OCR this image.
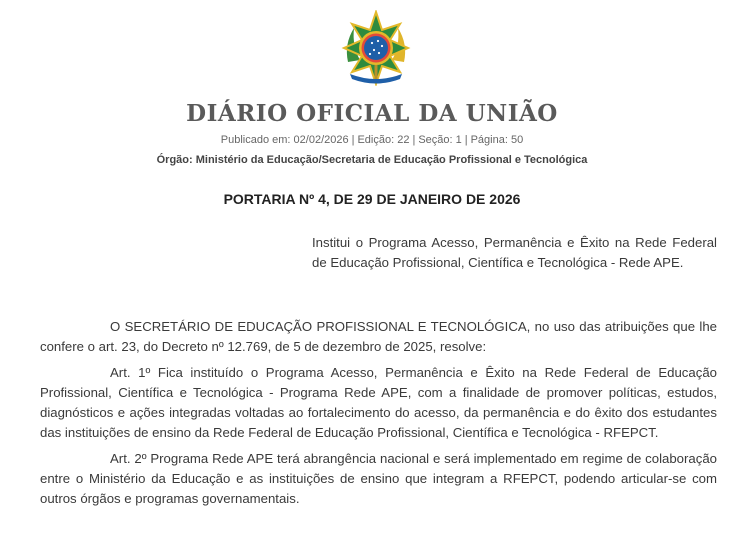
DIÁRIO OFICIAL DA UNIÃO
Publicado em: 02/02/2026 | Edição: 22 | Seção: 1 | Página: 50
Órgão: Ministério da Educação/Secretaria de Educação Profissional e Tecnológica
PORTARIA Nº 4, DE 29 DE JANEIRO DE 2026
Institui o Programa Acesso, Permanência e Êxito na Rede Federal de Educação Profissional, Científica e Tecnológica - Rede APE.

O SECRETÁRIO DE EDUCAÇÃO PROFISSIONAL E TECNOLÓGICA, no uso das atribuições que lhe confere o art. 23, do Decreto nº 12.769, de 5 de dezembro de 2025, resolve:

Art. 1º Fica instituído o Programa Acesso, Permanência e Êxito na Rede Federal de Educação Profissional, Científica e Tecnológica - Programa Rede APE, com a finalidade de promover políticas, estudos, diagnósticos e ações integradas voltadas ao fortalecimento do acesso, da permanência e do êxito dos estudantes das instituições de ensino da Rede Federal de Educação Profissional, Científica e Tecnológica - RFEPCT.

Art. 2º Programa Rede APE terá abrangência nacional e será implementado em regime de colaboração entre o Ministério da Educação e as instituições de ensino que integram a RFEPCT, podendo articular-se com outros órgãos e programas governamentais.
